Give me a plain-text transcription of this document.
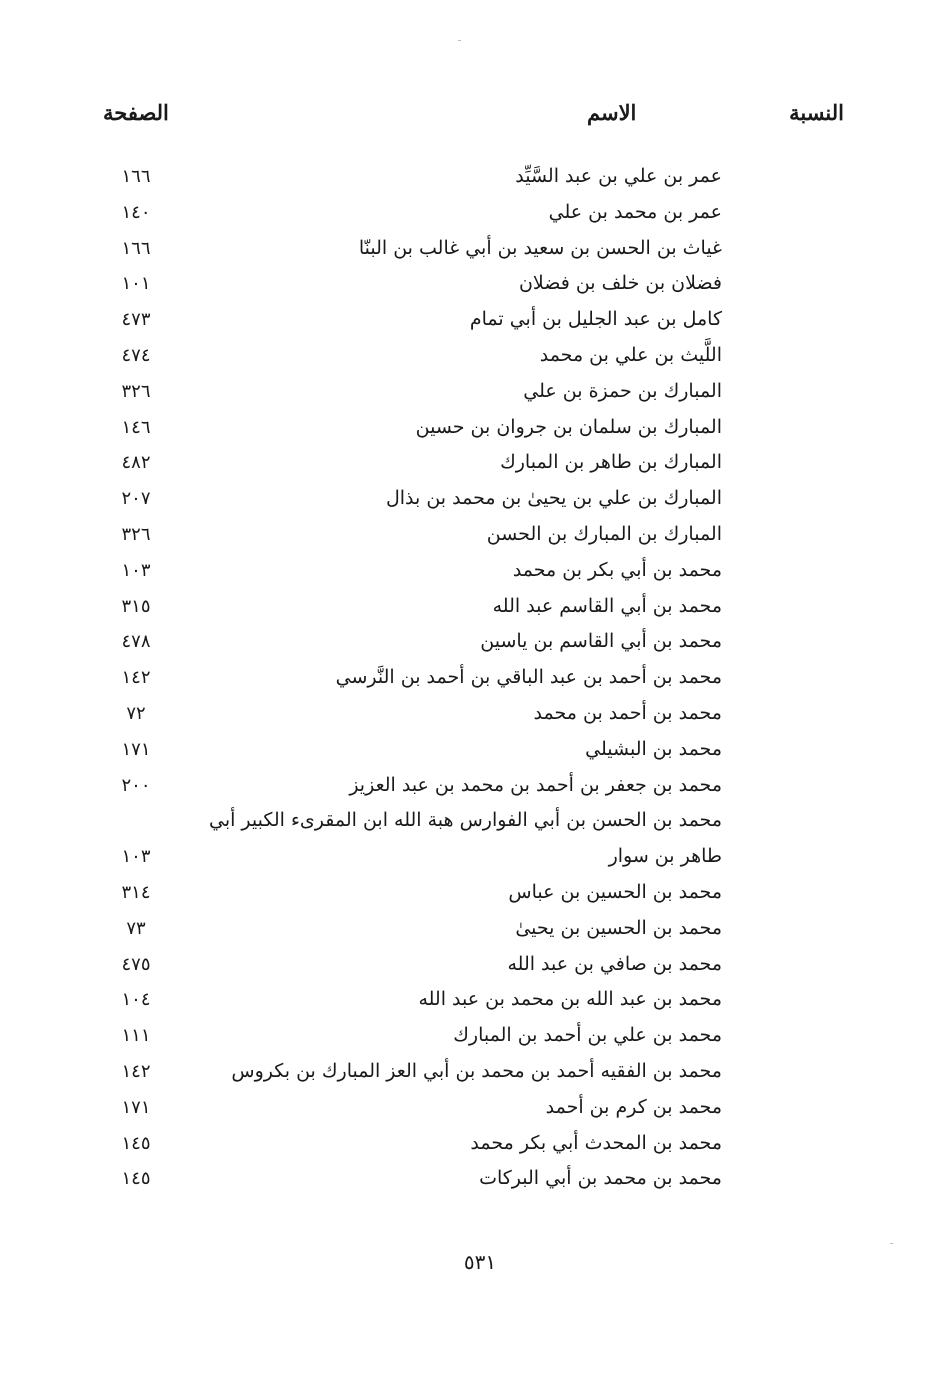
النسبة
الاسم
الصفحة
عمر بن علي بن عبد السَّيِّد
١٦٦
عمر بن محمد بن علي
١٤٠
غياث بن الحسن بن سعيد بن أبي غالب بن البنّا
١٦٦
فضلان بن خلف بن فضلان
١٠١
كامل بن عبد الجليل بن أبي تمام
٤٧٣
اللَّيث بن علي بن محمد
٤٧٤
المبارك بن حمزة بن علي
٣٢٦
المبارك بن سلمان بن جروان بن حسين
١٤٦
المبارك بن طاهر بن المبارك
٤٨٢
المبارك بن علي بن يحيىٰ بن محمد بن بذال
٢٠٧
المبارك بن المبارك بن الحسن
٣٢٦
محمد بن أبي بكر بن محمد
١٠٣
محمد بن أبي القاسم عبد الله
٣١٥
محمد بن أبي القاسم بن ياسين
٤٧٨
محمد بن أحمد بن عبد الباقي بن أحمد بن النَّرسي
١٤٢
محمد بن أحمد بن محمد
٧٢
محمد بن البشيلي
١٧١
محمد بن جعفر بن أحمد بن محمد بن عبد العزيز
٢٠٠
محمد بن الحسن بن أبي الفوارس هبة الله ابن المقرىء الكبير أبي طاهر بن سوار
١٠٣
محمد بن الحسين بن عباس
٣١٤
محمد بن الحسين بن يحيىٰ
٧٣
محمد بن صافي بن عبد الله
٤٧٥
محمد بن عبد الله بن محمد بن عبد الله
١٠٤
محمد بن علي بن أحمد بن المبارك
١١١
محمد بن الفقيه أحمد بن محمد بن أبي العز المبارك بن بكروس
١٤٢
محمد بن كرم بن أحمد
١٧١
محمد بن المحدث أبي بكر محمد
١٤٥
محمد بن محمد بن أبي البركات
١٤٥
٥٣١
